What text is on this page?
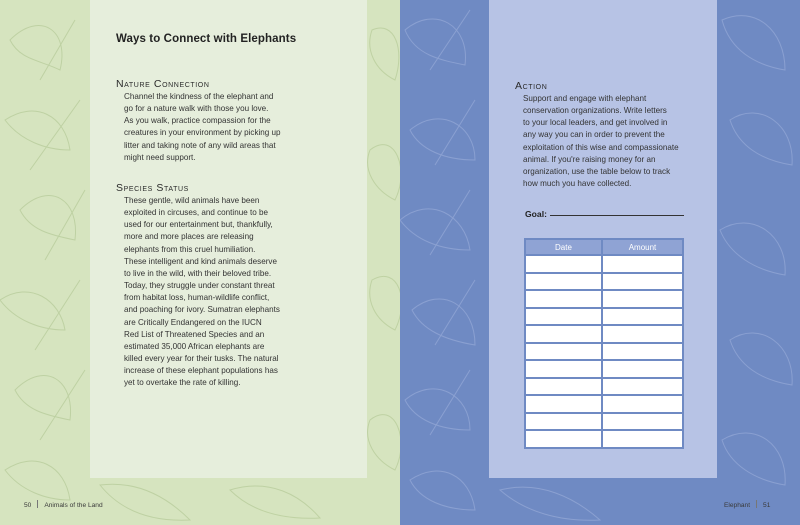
Ways to Connect with Elephants
Nature Connection
Channel the kindness of the elephant and
go for a nature walk with those you love.
As you walk, practice compassion for the
creatures in your environment by picking up
litter and taking note of any wild areas that
might need support.
Species Status
These gentle, wild animals have been
exploited in circuses, and continue to be
used for our entertainment but, thankfully,
more and more places are releasing
elephants from this cruel humiliation.
These intelligent and kind animals deserve
to live in the wild, with their beloved tribe.
Today, they struggle under constant threat
from habitat loss, human-wildlife conflict,
and poaching for ivory. Sumatran elephants
are Critically Endangered on the IUCN
Red List of Threatened Species and an
estimated 35,000 African elephants are
killed every year for their tusks. The natural
increase of these elephant populations has
yet to overtake the rate of killing.
50 Animals of the Land
Action
Support and engage with elephant
conservation organizations. Write letters
to your local leaders, and get involved in
any way you can in order to prevent the
exploitation of this wise and compassionate
animal. If you're raising money for an
organization, use the table below to track
how much you have collected.
Goal:
Date	Amount

Elephant 51
